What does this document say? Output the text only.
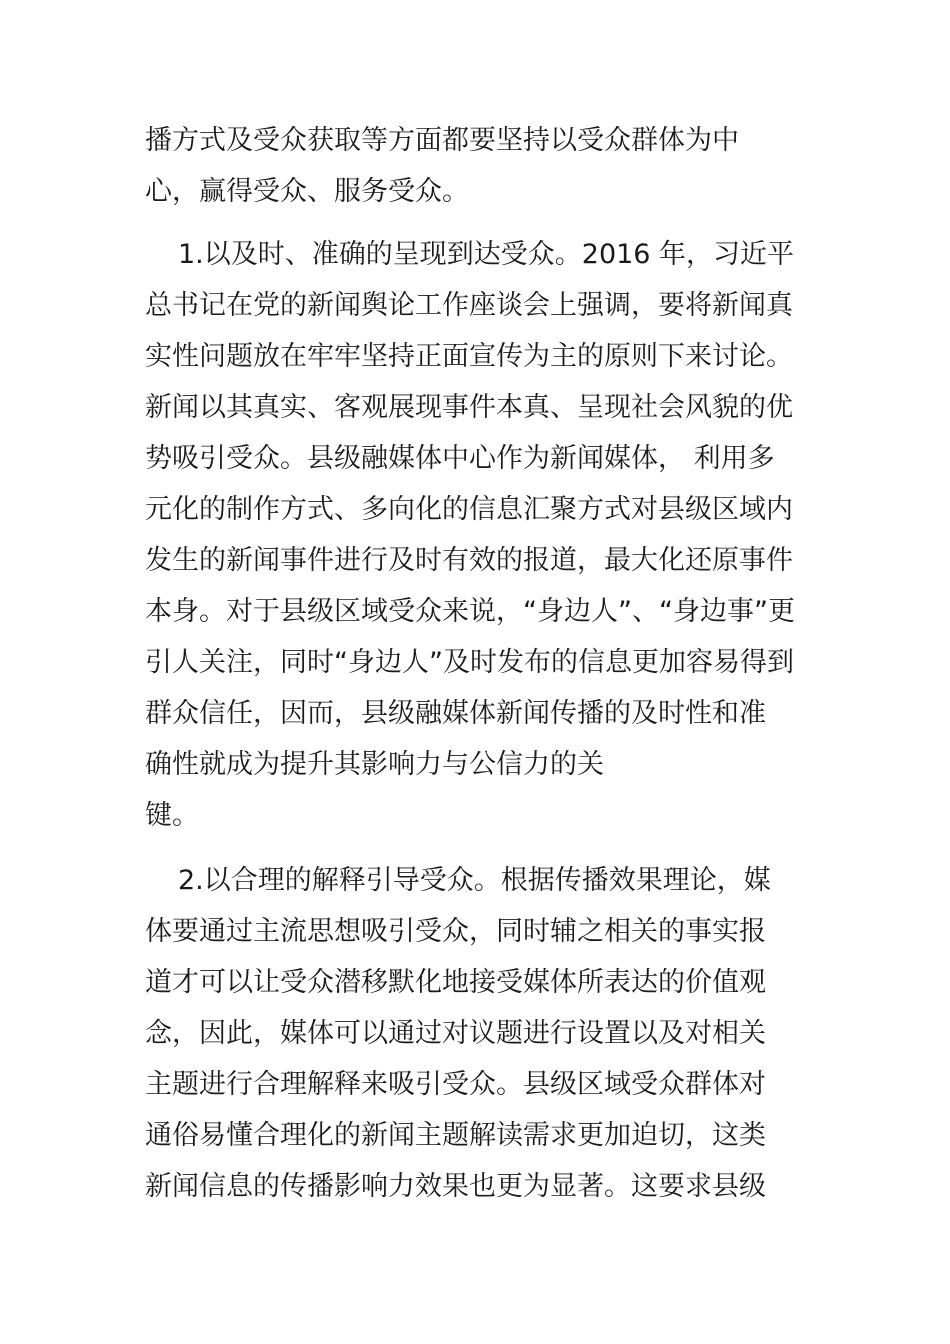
播方式及受众获取等方面都要坚持以受众群体为中
心，赢得受众、服务受众。
1.以及时、准确的呈现到达受众。2016 年，习近平
总书记在党的新闻舆论工作座谈会上强调，要将新闻真
实性问题放在牢牢坚持正面宣传为主的原则下来讨论。
新闻以其真实、客观展现事件本真、呈现社会风貌的优
势吸引受众。县级融媒体中心作为新闻媒体， 利用多
元化的制作方式、多向化的信息汇聚方式对县级区域内
发生的新闻事件进行及时有效的报道，最大化还原事件
本身。对于县级区域受众来说，“身边人”、“身边事”更
引人关注，同时“身边人”及时发布的信息更加容易得到
群众信任，因而，县级融媒体新闻传播的及时性和准
确性就成为提升其影响力与公信力的关
键。
2.以合理的解释引导受众。根据传播效果理论，媒
体要通过主流思想吸引受众，同时辅之相关的事实报
道才可以让受众潜移默化地接受媒体所表达的价值观
念，因此，媒体可以通过对议题进行设置以及对相关
主题进行合理解释来吸引受众。县级区域受众群体对
通俗易懂合理化的新闻主题解读需求更加迫切，这类
新闻信息的传播影响力效果也更为显著。这要求县级
